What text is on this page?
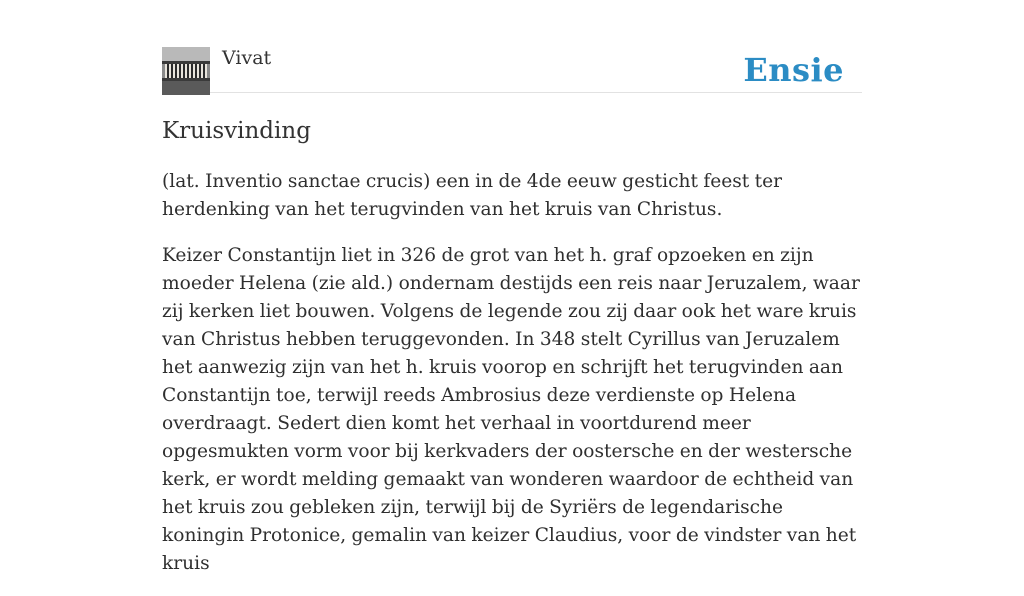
Vivat	Ensie
Kruisvinding

(lat. Inventio sanctae crucis) een in de 4de eeuw gesticht feest ter herdenking van het terugvinden van het kruis van Christus.

Keizer Constantijn liet in 326 de grot van het h. graf opzoeken en zijn moeder Helena (zie ald.) ondernam destijds een reis naar Jeruzalem, waar zij kerken liet bouwen. Volgens de legende zou zij daar ook het ware kruis van Christus hebben teruggevonden. In 348 stelt Cyrillus van Jeruzalem het aanwezig zijn van het h. kruis voorop en schrijft het terugvinden aan Constantijn toe, terwijl reeds Ambrosius deze verdienste op Helena overdraagt. Sedert dien komt het verhaal in voortdurend meer opgesmukten vorm voor bij kerkvaders der oostersche en der westersche kerk, er wordt melding gemaakt van wonderen waardoor de echtheid van het kruis zou gebleken zijn, terwijl bij de Syriërs de legendarische koningin Protonice, gemalin van keizer Claudius, voor de vindster van het kruis
